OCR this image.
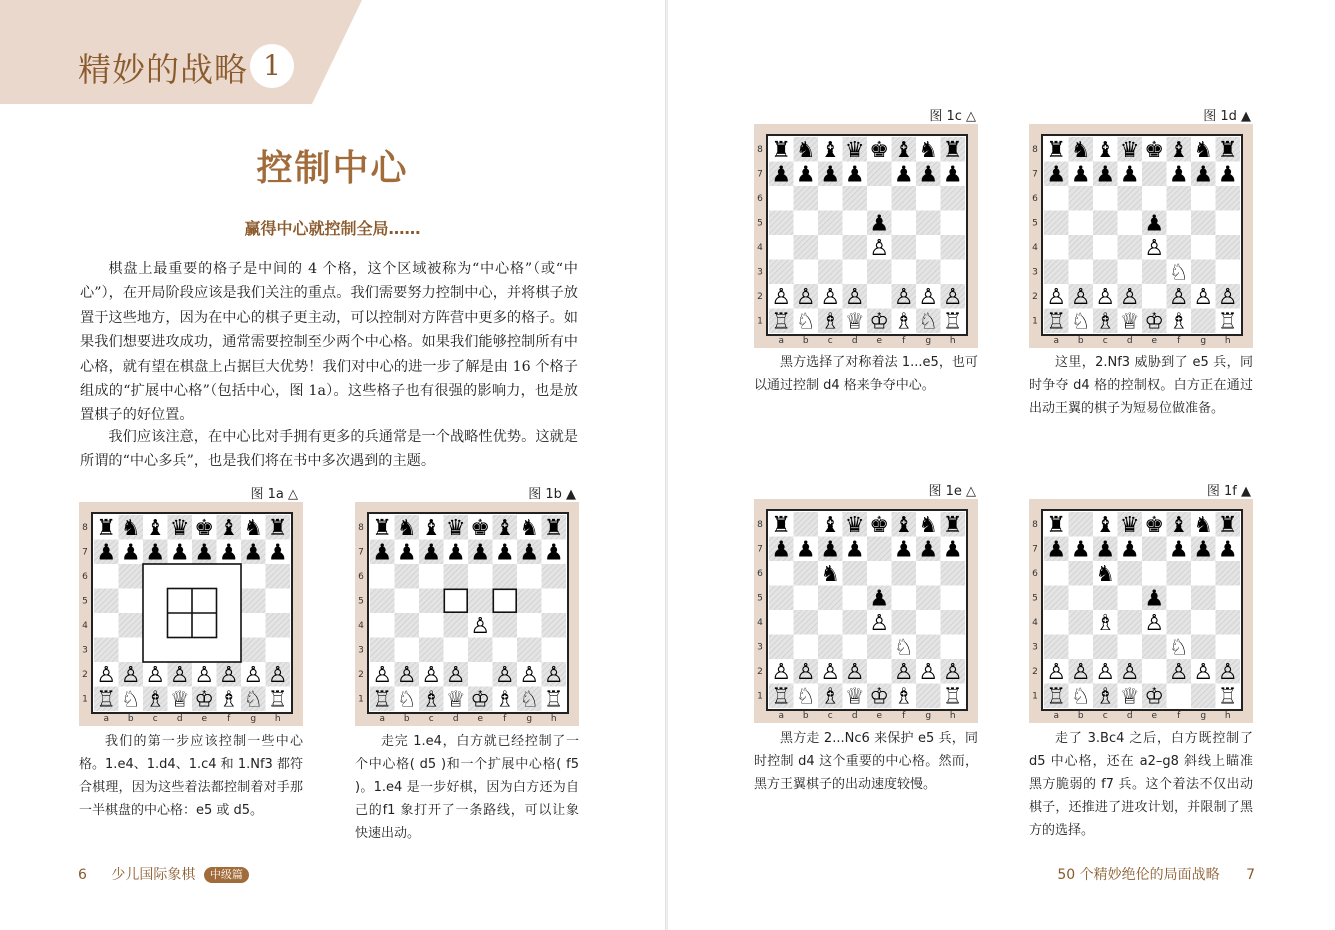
精妙的战略 1
控制中心
赢得中心就控制全局……

棋盘上最重要的格子是中间的 4 个格，这个区域被称为“中心格”（或“中心”），在开局阶段应该是我们关注的重点。我们需要努力控制中心，并将棋子放置于这些地方，因为在中心的棋子更主动，可以控制对方阵营中更多的格子。如果我们想要进攻成功，通常需要控制至少两个中心格。如果我们能够控制所有中心格，就有望在棋盘上占据巨大优势！我们对中心的进一步了解是由 16 个格子组成的“扩展中心格”（包括中心，图 1a）。这些格子也有很强的影响力，也是放置棋子的好位置。

我们应该注意，在中心比对手拥有更多的兵通常是一个战略性优势。这就是所谓的“中心多兵”，也是我们将在书中多次遇到的主题。

图 1a △
♜ ♞ ♝ ♛ ♚ ♝ ♞ ♜
♟ ♟ ♟ ♟ ♟ ♟ ♟ ♟
♙ ♙ ♙ ♙ ♙ ♙ ♙ ♙
♖ ♘ ♗ ♕ ♔ ♗ ♘ ♖
8
7
6
5
4
3
2
1
a b c d e f g h

我们的第一步应该控制一些中心格。1.e4、1.d4、1.c4 和 1.Nf3 都符合棋理，因为这些着法都控制着对手那一半棋盘的中心格：e5 或 d5。

图 1b ▲
♜ ♞ ♝ ♛ ♚ ♝ ♞ ♜
♟ ♟ ♟ ♟ ♟ ♟ ♟ ♟
♙
♙ ♙ ♙ ♙ ♙ ♙ ♙
♖ ♘ ♗ ♕ ♔ ♗ ♘ ♖
8
7
6
5
4
3
2
1
a b c d e f g h

走完 1.e4，白方就已经控制了一个中心格( d5 )和一个扩展中心格( f5 )。1.e4 是一步好棋，因为白方还为自己的f1 象打开了一条路线，可以让象快速出动。

6 少儿国际象棋 中级篇
图 1c △
♜ ♞ ♝ ♛ ♚ ♝ ♞ ♜
♟ ♟ ♟ ♟ ♟ ♟ ♟
♟
♙
♙ ♙ ♙ ♙ ♙ ♙ ♙
♖ ♘ ♗ ♕ ♔ ♗ ♘ ♖
8
7
6
5
4
3
2
1
a b c d e f g h

黑方选择了对称着法 1...e5，也可以通过控制 d4 格来争夺中心。

图 1d ▲
♜ ♞ ♝ ♛ ♚ ♝ ♞ ♜
♟ ♟ ♟ ♟ ♟ ♟ ♟
♟
♙
♘
♙ ♙ ♙ ♙ ♙ ♙ ♙
♖ ♘ ♗ ♕ ♔ ♗ ♖
8
7
6
5
4
3
2
1
a b c d e f g h

这里，2.Nf3 威胁到了 e5 兵，同时争夺 d4 格的控制权。白方正在通过出动王翼的棋子为短易位做准备。

图 1e △
♜ ♝ ♛ ♚ ♝ ♞ ♜
♟ ♟ ♟ ♟ ♟ ♟ ♟
♞
♟
♙
♘
♙ ♙ ♙ ♙ ♙ ♙ ♙
♖ ♘ ♗ ♕ ♔ ♗ ♖
8
7
6
5
4
3
2
1
a b c d e f g h

黑方走 2...Nc6 来保护 e5 兵，同时控制 d4 这个重要的中心格。然而，黑方王翼棋子的出动速度较慢。

图 1f ▲
♜ ♝ ♛ ♚ ♝ ♞ ♜
♟ ♟ ♟ ♟ ♟ ♟ ♟
♞
♟
♗ ♙
♘
♙ ♙ ♙ ♙ ♙ ♙ ♙
♖ ♘ ♗ ♕ ♔ ♖
8
7
6
5
4
3
2
1
a b c d e f g h

走了 3.Bc4 之后，白方既控制了 d5 中心格，还在 a2–g8 斜线上瞄准黑方脆弱的 f7 兵。这个着法不仅出动棋子，还推进了进攻计划，并限制了黑方的选择。

50 个精妙绝伦的局面战略 7
